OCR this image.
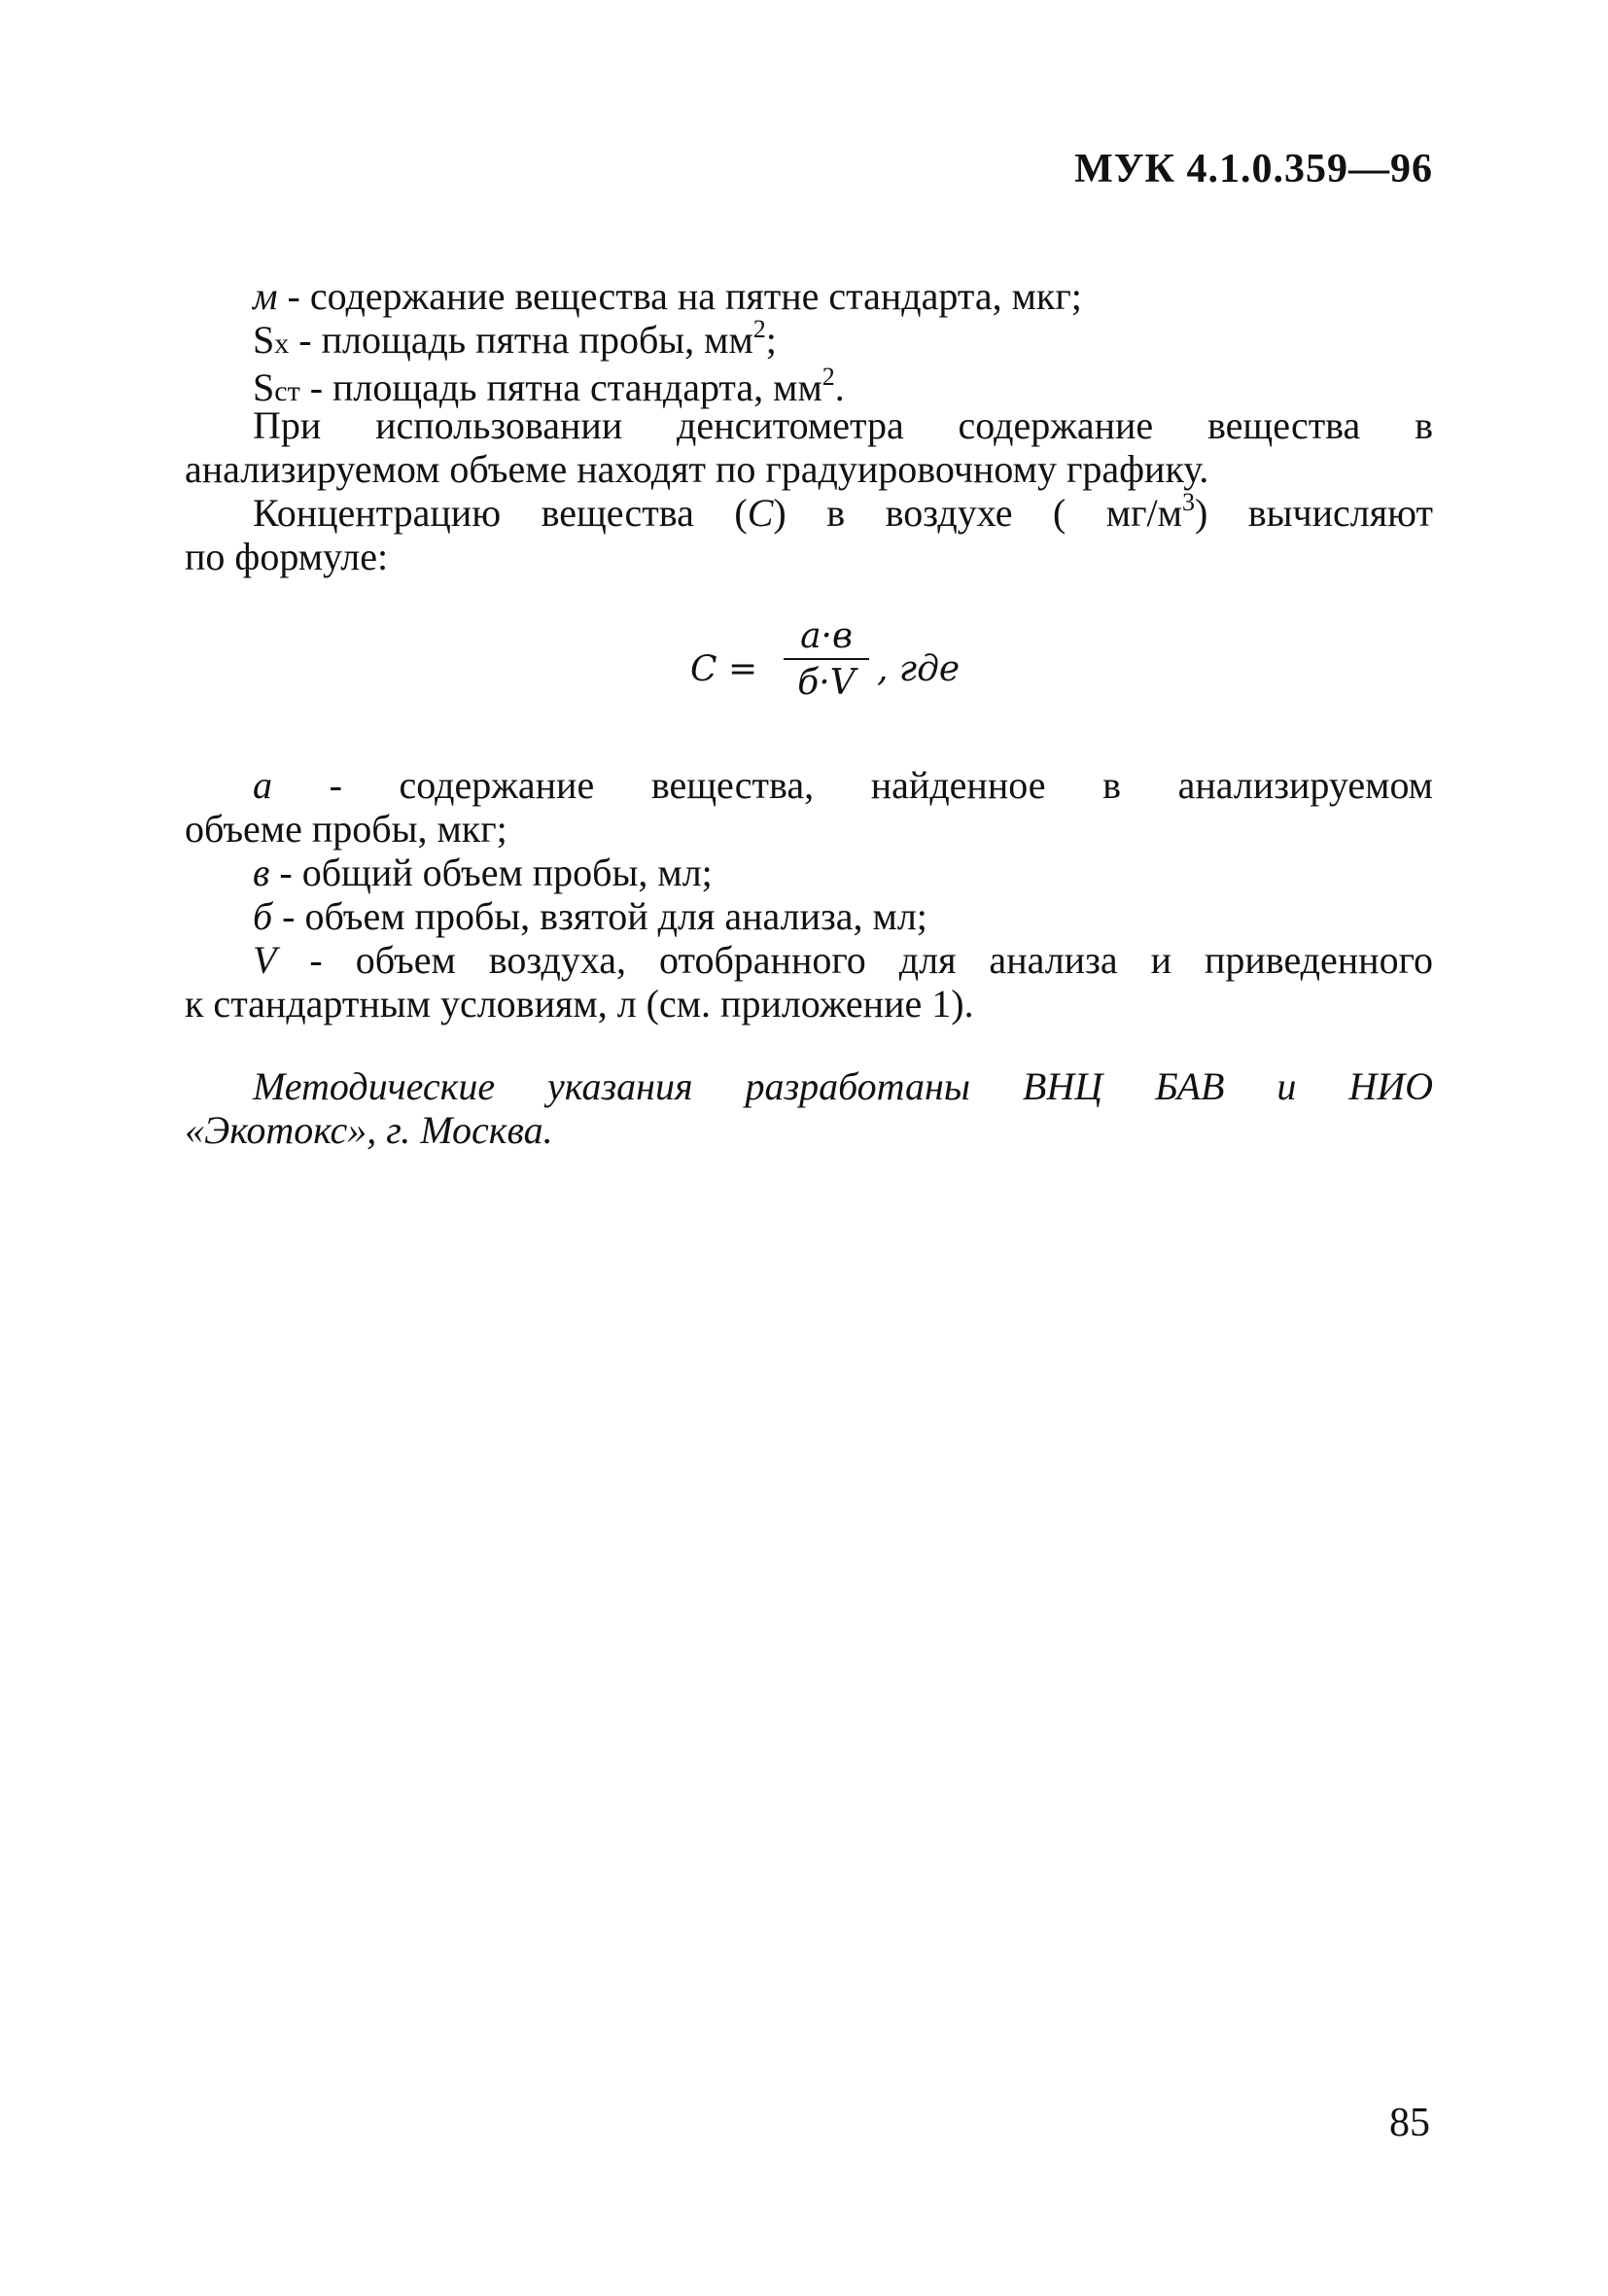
МУК 4.1.0.359—96
м - содержание вещества на пятне стандарта, мкг;
Sx - площадь пятна пробы, $мм^2$;
Sст - площадь пятна стандарта, $мм^2$.
При использовании денситометра содержание вещества в
анализируемом объеме находят по градуировочному графику.
Концентрацию вещества (С) в воздухе ( $мг/м^3$) вычисляют
по формуле:
С =
а·в
б·V , где
а - содержание вещества, найденное в анализируемом
объеме пробы, мкг;
в - общий объем пробы, мл;
б - объем пробы, взятой для анализа, мл;
V - объем воздуха, отобранного для анализа и приведенного
к стандартным условиям, л (см. приложение 1).
Методические указания разработаны ВНЦ БАВ и НИО
«Экотокс», г. Москва.
85
